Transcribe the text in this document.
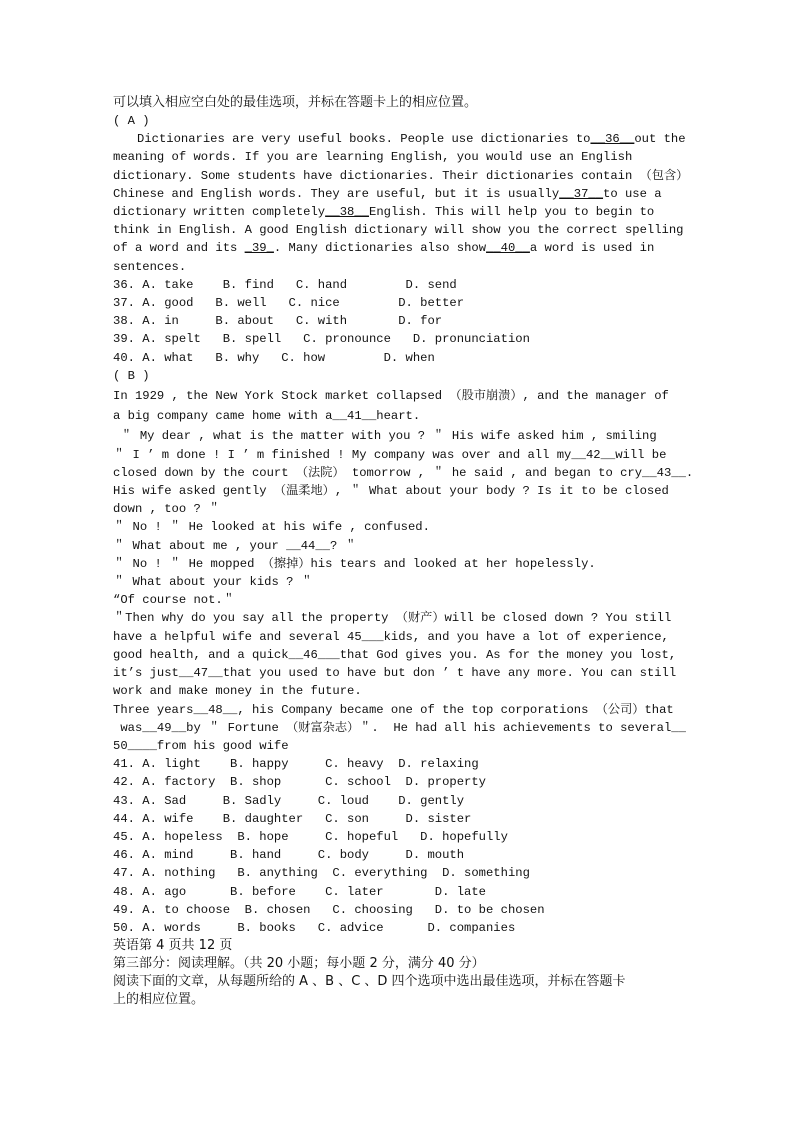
可以填入相应空白处的最佳选项，并标在答题卡上的相应位置。
( A )
Dictionaries are very useful books. People use dictionaries to__36__out the
meaning of words. If you are learning English, you would use an English
dictionary. Some students have dictionaries. Their dictionaries contain （包含）
Chinese and English words. They are useful, but it is usually__37__to use a
dictionary written completely__38__English. This will help you to begin to
think in English. A good English dictionary will show you the correct spelling
of a word and its _39_. Many dictionaries also show__40__a word is used in
sentences.
36. A. take    B. find   C. hand        D. send
37. A. good   B. well   C. nice        D. better
38. A. in     B. about   C. with       D. for
39. A. spelt   B. spell   C. pronounce   D. pronunciation
40. A. what   B. why   C. how        D. when
( B )
In 1929 , the New York Stock market collapsed （股市崩溃）, and the manager of
a big company came home with a__41__heart.
＂ My dear , what is the matter with you ? ＂ His wife asked him , smiling
＂ I ’ m done ! I ’ m finished ! My company was over and all my__42__will be
closed down by the court （法院） tomorrow , ＂ he said , and began to cry__43__.
His wife asked gently （温柔地）, ＂ What about your body ? Is it to be closed
down , too ? ＂
＂ No ! ＂ He looked at his wife , confused.
＂ What about me , your __44__? ＂
＂ No ! ＂ He mopped （擦掉）his tears and looked at her hopelessly.
＂ What about your kids ? ＂
“Of course not.＂
＂Then why do you say all the property （财产）will be closed down ? You still
have a helpful wife and several 45___kids, and you have a lot of experience,
good health, and a quick__46___that God gives you. As for the money you lost,
it’s just__47__that you used to have but don ’ t have any more. You can still
work and make money in the future.
Three years__48__, his Company became one of the top corporations （公司）that
was__49__by ＂ Fortune （财富杂志）＂.  He had all his achievements to several__
50____from his good wife
41. A. light    B. happy     C. heavy  D. relaxing
42. A. factory  B. shop      C. school  D. property
43. A. Sad     B. Sadly     C. loud    D. gently
44. A. wife    B. daughter   C. son     D. sister
45. A. hopeless  B. hope     C. hopeful   D. hopefully
46. A. mind     B. hand     C. body     D. mouth
47. A. nothing   B. anything  C. everything  D. something
48. A. ago      B. before    C. later       D. late
49. A. to choose  B. chosen   C. choosing   D. to be chosen
50. A. words     B. books   C. advice      D. companies
英语第 4 页共 12 页
第三部分：阅读理解。（共 20 小题；每小题 2 分，满分 40 分）
阅读下面的文章，从每题所给的 A 、B 、C 、D 四个选项中选出最佳选项，并标在答题卡
上的相应位置。
